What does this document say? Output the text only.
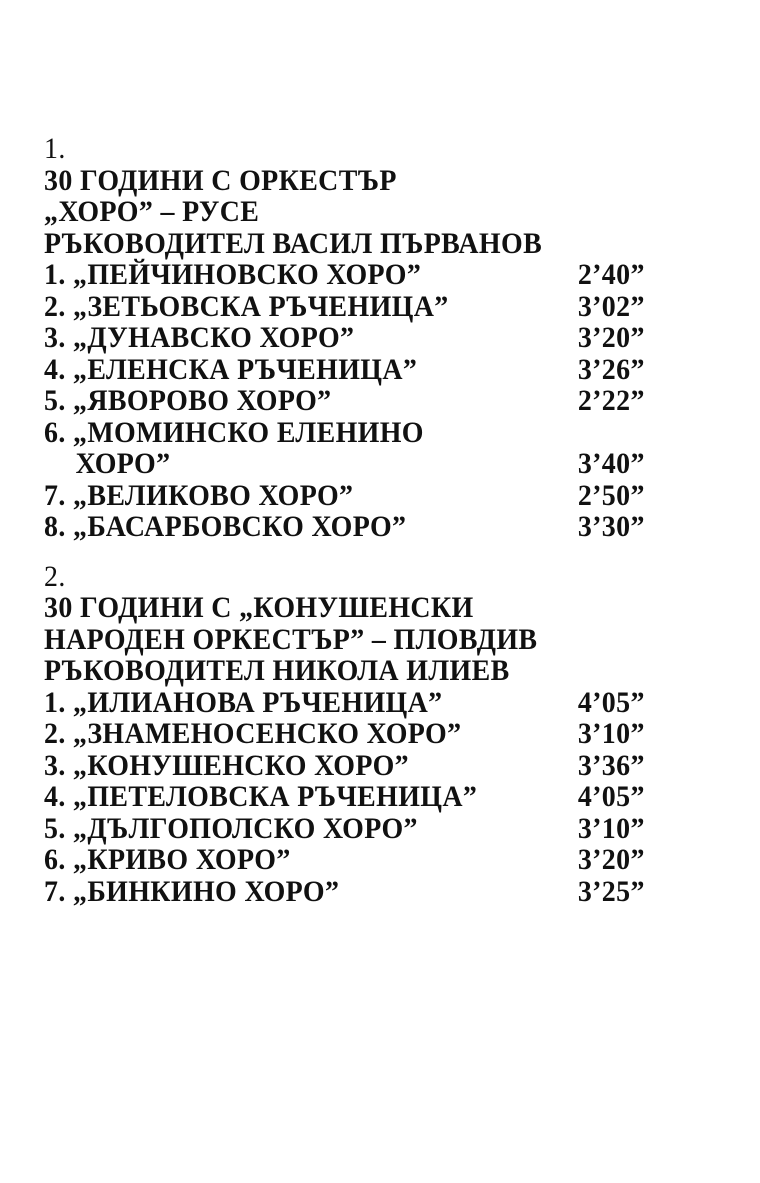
1.
30 ГОДИНИ С ОРКЕСТЪР
„ХОРО” – РУСЕ
РЪКОВОДИТЕЛ ВАСИЛ ПЪРВАНОВ
1. „ПЕЙЧИНОВСКО ХОРО”	2’40”
2. „ЗЕТЬОВСКА РЪЧЕНИЦА”	3’02”
3. „ДУНАВСКО ХОРО”	3’20”
4. „ЕЛЕНСКА РЪЧЕНИЦА”	3’26”
5. „ЯВОРОВО ХОРО”	2’22”
6. „МОМИНСКО ЕЛЕНИНО
ХОРО”	3’40”
7. „ВЕЛИКОВО ХОРО”	2’50”
8. „БАСАРБОВСКО ХОРО”	3’30”
2.
30 ГОДИНИ С „КОНУШЕНСКИ
НАРОДЕН ОРКЕСТЪР” – ПЛОВДИВ
РЪКОВОДИТЕЛ НИКОЛА ИЛИЕВ
1. „ИЛИАНОВА РЪЧЕНИЦА”	4’05”
2. „ЗНАМЕНОСЕНСКО ХОРО”	3’10”
3. „КОНУШЕНСКО ХОРО”	3’36”
4. „ПЕТЕЛОВСКА РЪЧЕНИЦА”	4’05”
5. „ДЪЛГОПОЛСКО ХОРО”	3’10”
6. „КРИВО ХОРО”	3’20”
7. „БИНКИНО ХОРО”	3’25”
